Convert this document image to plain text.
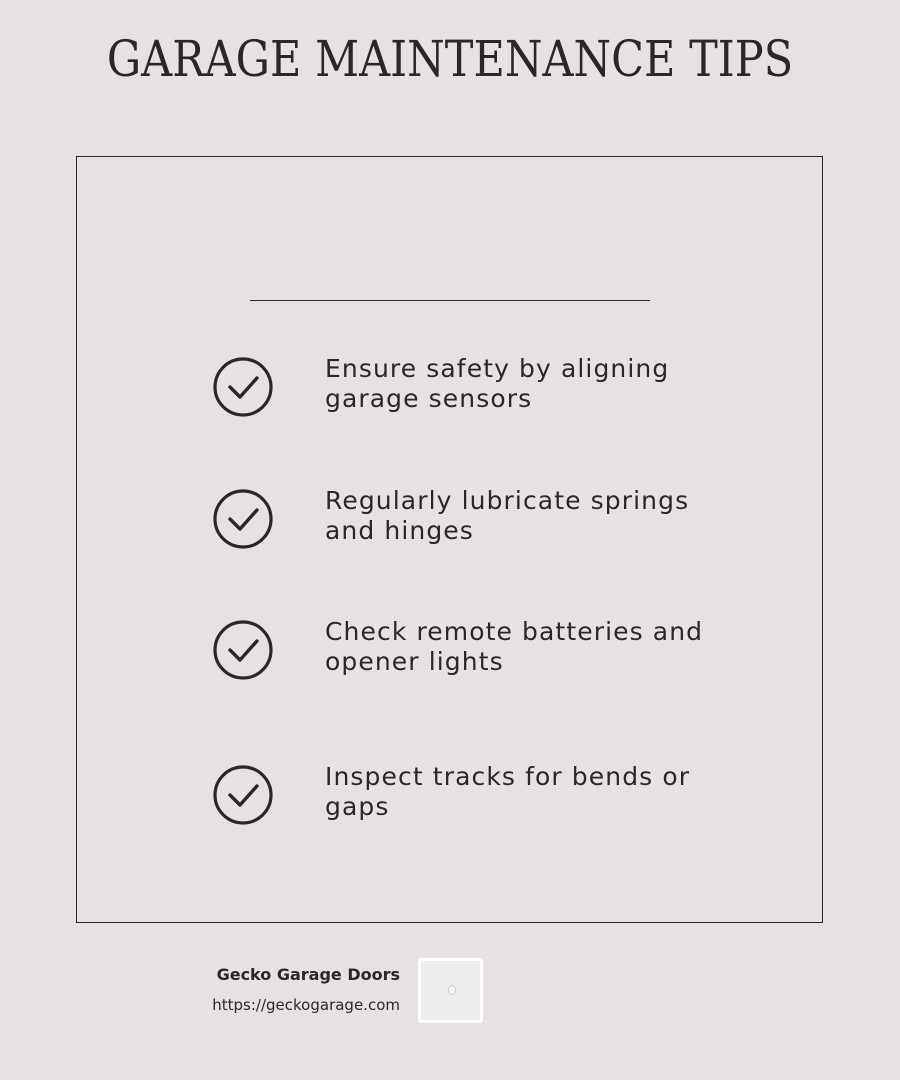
GARAGE MAINTENANCE TIPS
Ensure safety by aligning garage sensors
Regularly lubricate springs and hinges
Check remote batteries and opener lights
Inspect tracks for bends or gaps
Gecko Garage Doors
https://geckogarage.com
